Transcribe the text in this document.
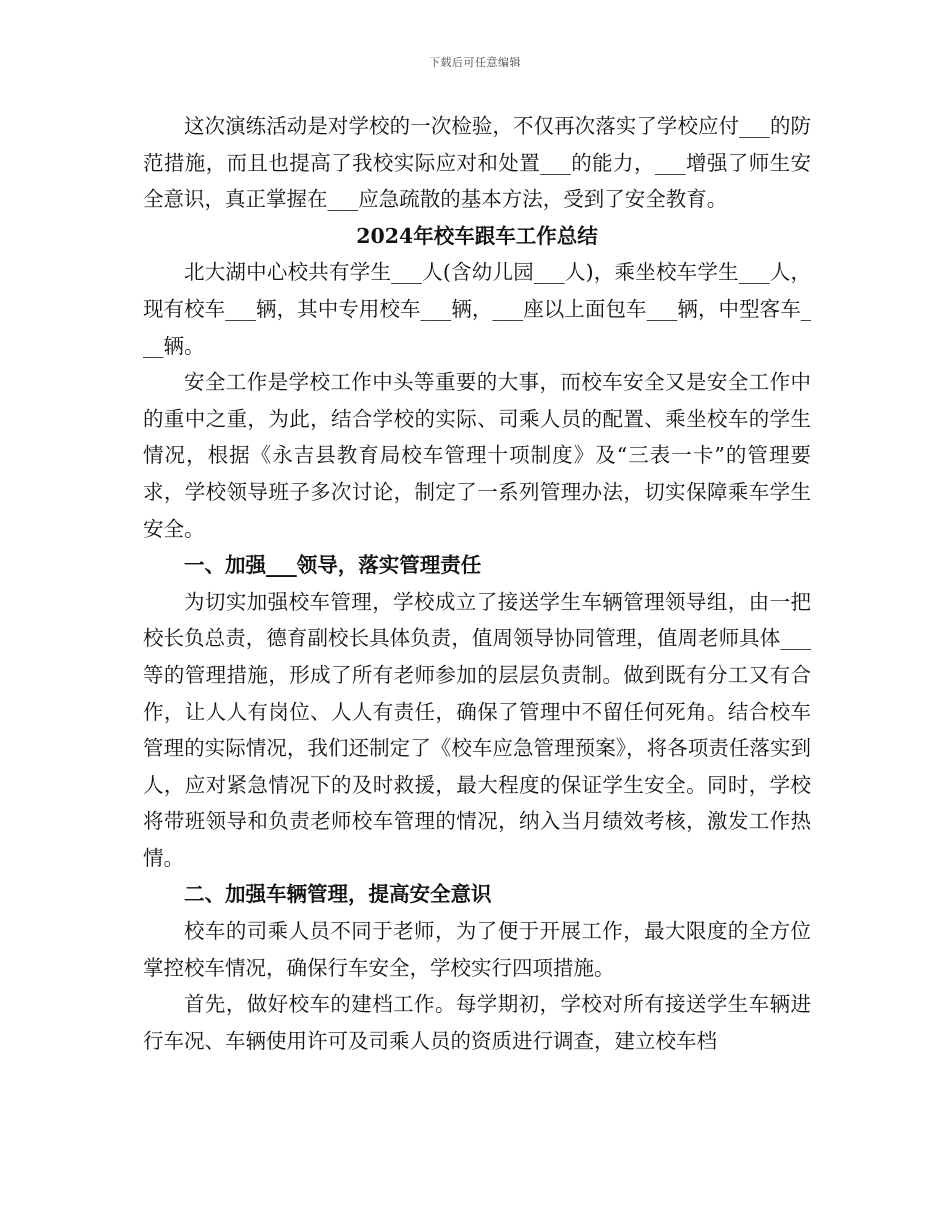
下载后可任意编辑

这次演练活动是对学校的一次检验，不仅再次落实了学校应付___的防范措施，而且也提高了我校实际应对和处置___的能力，___增强了师生安全意识，真正掌握在___应急疏散的基本方法，受到了安全教育。

2024年校车跟车工作总结

北大湖中心校共有学生___人(含幼儿园___人)，乘坐校车学生___人，现有校车___辆，其中专用校车___辆，___座以上面包车___辆，中型客车___辆。

安全工作是学校工作中头等重要的大事，而校车安全又是安全工作中的重中之重，为此，结合学校的实际、司乘人员的配置、乘坐校车的学生情况，根据《永吉县教育局校车管理十项制度》及“三表一卡”的管理要求，学校领导班子多次讨论，制定了一系列管理办法，切实保障乘车学生安全。

一、加强___领导，落实管理责任

为切实加强校车管理，学校成立了接送学生车辆管理领导组，由一把校长负总责，德育副校长具体负责，值周领导协同管理，值周老师具体___等的管理措施，形成了所有老师参加的层层负责制。做到既有分工又有合作，让人人有岗位、人人有责任，确保了管理中不留任何死角。结合校车管理的实际情况，我们还制定了《校车应急管理预案》，将各项责任落实到人，应对紧急情况下的及时救援，最大程度的保证学生安全。同时，学校将带班领导和负责老师校车管理的情况，纳入当月绩效考核，激发工作热情。

二、加强车辆管理，提高安全意识

校车的司乘人员不同于老师，为了便于开展工作，最大限度的全方位掌控校车情况，确保行车安全，学校实行四项措施。

首先，做好校车的建档工作。每学期初，学校对所有接送学生车辆进行车况、车辆使用许可及司乘人员的资质进行调查，建立校车档
